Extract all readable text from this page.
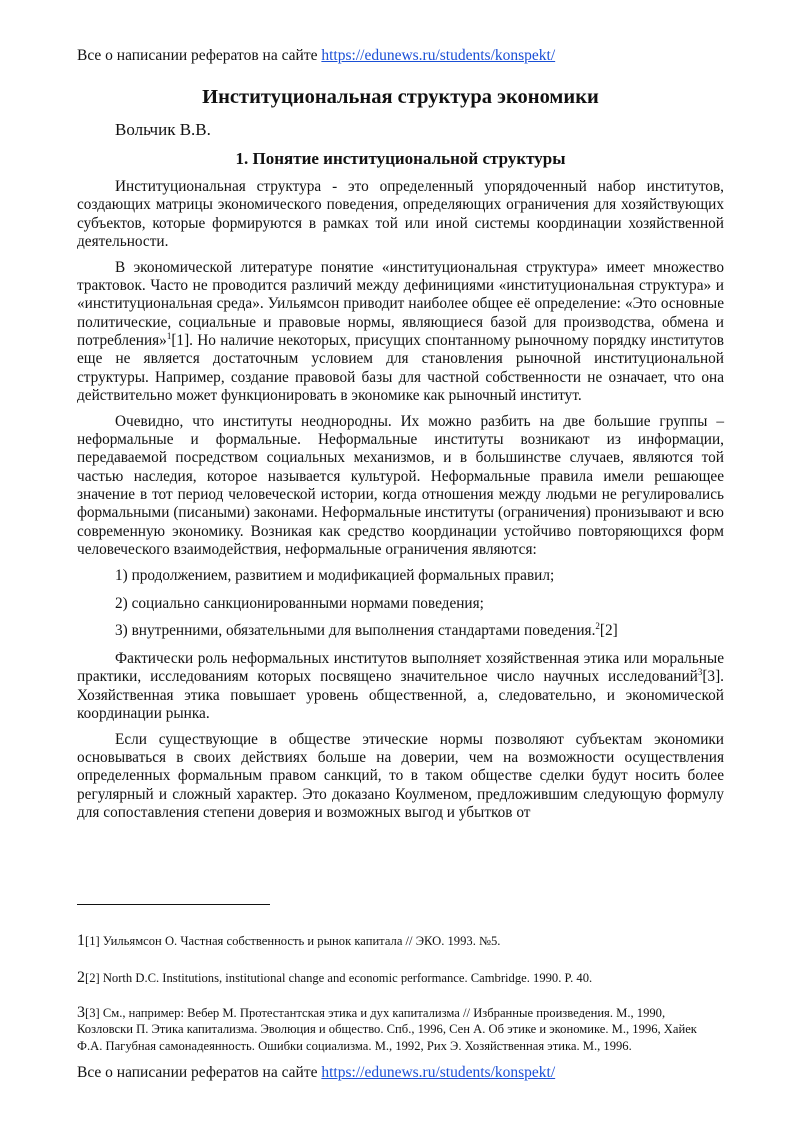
Все о написании рефератов на сайте https://edunews.ru/students/konspekt/
Институциональная структура экономики
Вольчик В.В.
1. Понятие институциональной структуры

Институциональная структура - это определенный упорядоченный набор институтов, создающих матрицы экономического поведения, определяющих ограничения для хозяйствующих субъектов, которые формируются в рамках той или иной системы координации хозяйственной деятельности.

В экономической литературе понятие «институциональная структура» имеет множество трактовок. Часто не проводится различий между дефинициями «институциональная структура» и «институциональная среда». Уильямсон приводит наиболее общее её определение: «Это основные политические, социальные и правовые нормы, являющиеся базой для производства, обмена и потребления»$^1$[1]. Но наличие некоторых, присущих спонтанному рыночному порядку институтов еще не является достаточным условием для становления рыночной институциональной структуры. Например, создание правовой базы для частной собственности не означает, что она действительно может функционировать в экономике как рыночный институт.

Очевидно, что институты неоднородны. Их можно разбить на две большие группы – неформальные и формальные. Неформальные институты возникают из информации, передаваемой посредством социальных механизмов, и в большинстве случаев, являются той частью наследия, которое называется культурой. Неформальные правила имели решающее значение в тот период человеческой истории, когда отношения между людьми не регулировались формальными (писаными) законами. Неформальные институты (ограничения) пронизывают и всю современную экономику. Возникая как средство координации устойчиво повторяющихся форм человеческого взаимодействия, неформальные ограничения являются:

1) продолжением, развитием и модификацией формальных правил;

2) социально санкционированными нормами поведения;

3) внутренними, обязательными для выполнения стандартами поведения.$^2$[2]

Фактически роль неформальных институтов выполняет хозяйственная этика или моральные практики, исследованиям которых посвящено значительное число научных исследований$^3$[3]. Хозяйственная этика повышает уровень общественной, а, следовательно, и экономической координации рынка.

Если существующие в обществе этические нормы позволяют субъектам экономики основываться в своих действиях больше на доверии, чем на возможности осуществления определенных формальным правом санкций, то в таком обществе сделки будут носить более регулярный и сложный характер. Это доказано Коулменом, предложившим следующую формулу для сопоставления степени доверия и возможных выгод и убытков от

1[1] Уильямсон О. Частная собственность и рынок капитала // ЭКО. 1993. №5.
2[2] North D.C. Institutions, institutional change and economic performance. Cambridge. 1990. P. 40.
3[3] См., например: Вебер М. Протестантская этика и дух капитализма // Избранные произведения. М., 1990, Козловски П. Этика капитализма. Эволюция и общество. Спб., 1996, Сен А. Об этике и экономике. М., 1996, Хайек Ф.А. Пагубная самонадеянность. Ошибки социализма. М., 1992, Рих Э. Хозяйственная этика. М., 1996.
Все о написании рефератов на сайте https://edunews.ru/students/konspekt/
